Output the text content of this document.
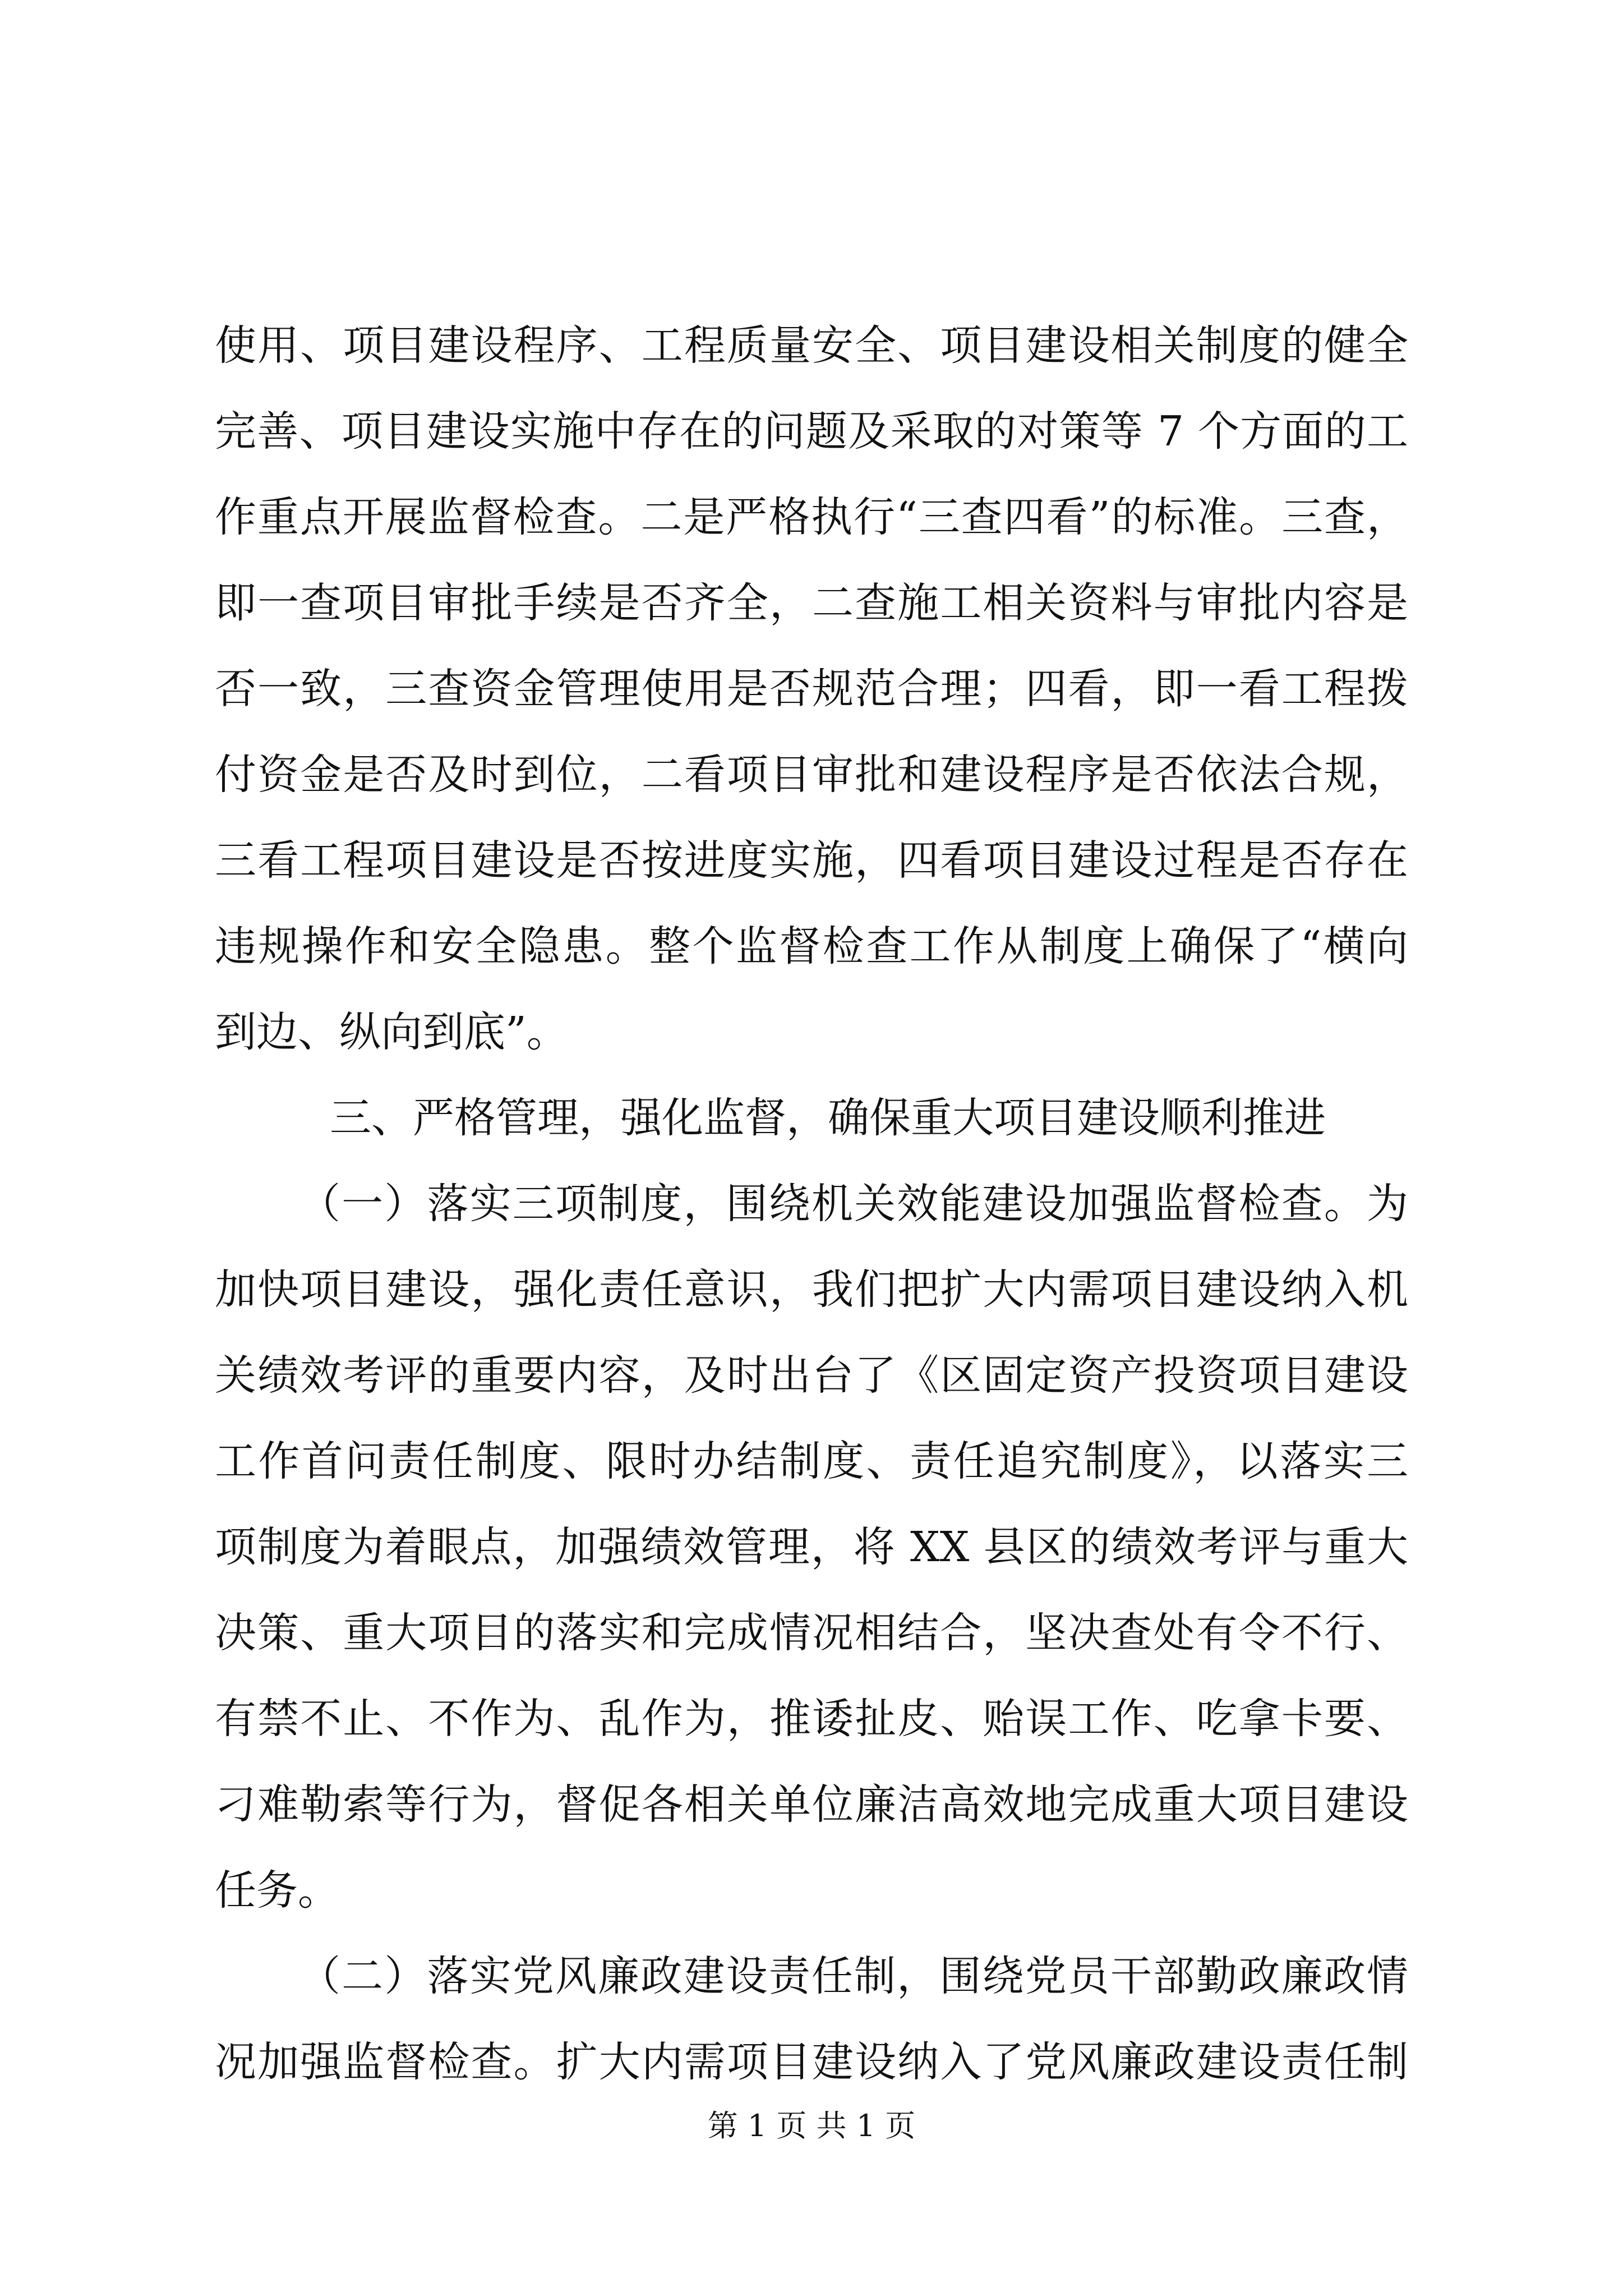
使用、项目建设程序、工程质量安全、项目建设相关制度的健全
完善、项目建设实施中存在的问题及采取的对策等 7 个方面的工
作重点开展监督检查。二是严格执行“三查四看”的标准。三查，
即一查项目审批手续是否齐全，二查施工相关资料与审批内容是
否一致，三查资金管理使用是否规范合理；四看，即一看工程拨
付资金是否及时到位，二看项目审批和建设程序是否依法合规，
三看工程项目建设是否按进度实施，四看项目建设过程是否存在
违规操作和安全隐患。整个监督检查工作从制度上确保了“横向
到边、纵向到底”。
三、严格管理，强化监督，确保重大项目建设顺利推进
（一）落实三项制度，围绕机关效能建设加强监督检查。为
加快项目建设，强化责任意识，我们把扩大内需项目建设纳入机
关绩效考评的重要内容，及时出台了《区固定资产投资项目建设
工作首问责任制度、限时办结制度、责任追究制度》，以落实三
项制度为着眼点，加强绩效管理，将 XX 县区的绩效考评与重大
决策、重大项目的落实和完成情况相结合，坚决查处有令不行、
有禁不止、不作为、乱作为，推诿扯皮、贻误工作、吃拿卡要、
刁难勒索等行为，督促各相关单位廉洁高效地完成重大项目建设
任务。
（二）落实党风廉政建设责任制，围绕党员干部勤政廉政情
况加强监督检查。扩大内需项目建设纳入了党风廉政建设责任制
第 1 页 共 1 页
